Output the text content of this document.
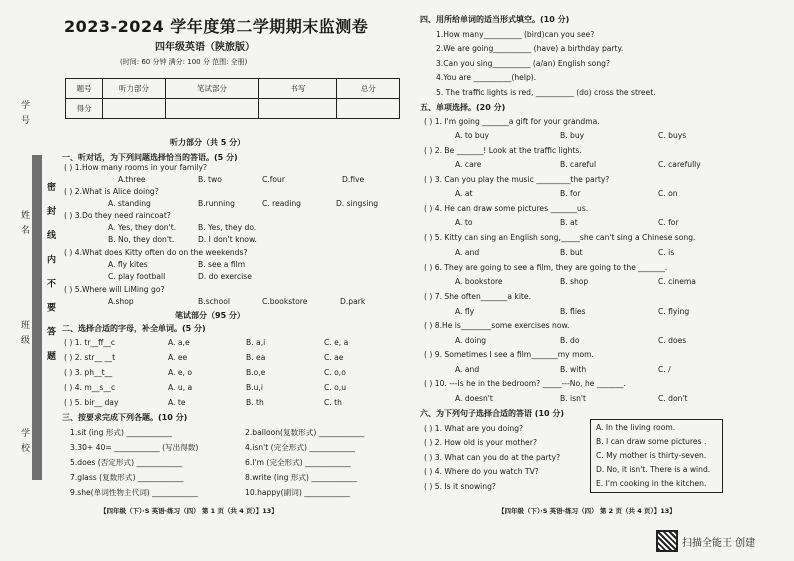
学号
密 封 线 内 不 要 答 题
姓名
班级
学校
2023-2024 学年度第二学期期末监测卷
四年级英语（陕旅版）
(时间: 60 分钟 满分: 100 分 范围: 全册)
题号	听力部分	笔试部分	书写	总分
得分				
听力部分（共 5 分）
一、听对话，为下列问题选择恰当的答语。(5 分)
( ) 1.How many rooms in your family?
A.three	B. two	C.four	D.five
( ) 2.What is Alice doing?
A. standing	B.running	C. reading	D. singsing
( ) 3.Do they need raincoat?
A. Yes, they don't.	B. Yes, they do.
B. No, they don't.	D. I don't know.
( ) 4.What does Kitty often do on the weekends?
A. fly kites	B. see a film
C. play football	D. do exercise
( ) 5.Where will LiMing go?
A.shop	B.school	C.bookstore	D.park
笔试部分（95 分）
二、选择合适的字母，补全单词。(5 分)
( ) 1. tr__ff__c	A. a,e	B. a,i	C. e, a
( ) 2. str__ __t	A. ee	B. ea	C. ae
( ) 3. ph__t__	A. e, o	B.o,e	C. o,o
( ) 4. m__s__c	A. u, a	B.u,i	C. o,u
( ) 5. bir__ day	A. te	B. th	C. th
三、按要求完成下列各题。(10 分)
1.sit (ing 形式) ____________	2.balloon(复数形式) ____________
3.30+ 40= ____________ (写出得数)	4.isn't (完全形式) ____________
5.does (否定形式) ____________	6.I'm (完全形式) ____________
7.glass (复数形式) ____________	8.write (ing 形式) ____________
9.she(单词性物主代词) ____________	10.happy(副词) ____________
【四年级（下）·S 英语·练习（四） 第 1 页（共 4 页）】13】
四、用所给单词的适当形式填空。(10 分)
1.How many__________ (bird)can you see?
2.We are going__________ (have) a birthday party.
3.Can you sing__________ (a/an) English song?
4.You are __________(help).
5. The traffic lights is red, __________ (do) cross the street.
五、单项选择。(20 分)
( ) 1. I'm going _______a gift for your grandma.
A. to buy	B. buy	C. buys
( ) 2. Be _______! Look at the traffic lights.
A. care	B. careful	C. carefully
( ) 3. Can you play the music _________the party?
A. at	B. for	C. on
( ) 4. He can draw some pictures _______us.
A. to	B. at	C. for
( ) 5. Kitty can sing an English song,_____she can't sing a Chinese song.
A. and	B. but	C. is
( ) 6. They are going to see a film, they are going to the _______.
A. bookstore	B. shop	C. cinema
( ) 7. She often_______a kite.
A. fly	B. flies	C. flying
( ) 8.He is________some exercises now.
A. doing	B. do	C. does
( ) 9. Sometimes I see a film_______my mom.
A. and	B. with	C. /
( ) 10. ---Is he in the bedroom? _____---No, he _______.
A. doesn't	B. isn't	C. don't
六、为下列句子选择合适的答语 (10 分)
( ) 1. What are you doing?
( ) 2. How old is your mother?
( ) 3. What can you do at the party?
( ) 4. Where do you watch TV?
( ) 5. Is it snowing?
A. In the living room.
B. I can draw some pictures .
C. My mother is thirty-seven.
D. No, it isn't. There is a wind.
E. I'm cooking in the kitchen.
【四年级（下）·S 英语·练习（四） 第 2 页（共 4 页）】13】
扫描全能王 创建
